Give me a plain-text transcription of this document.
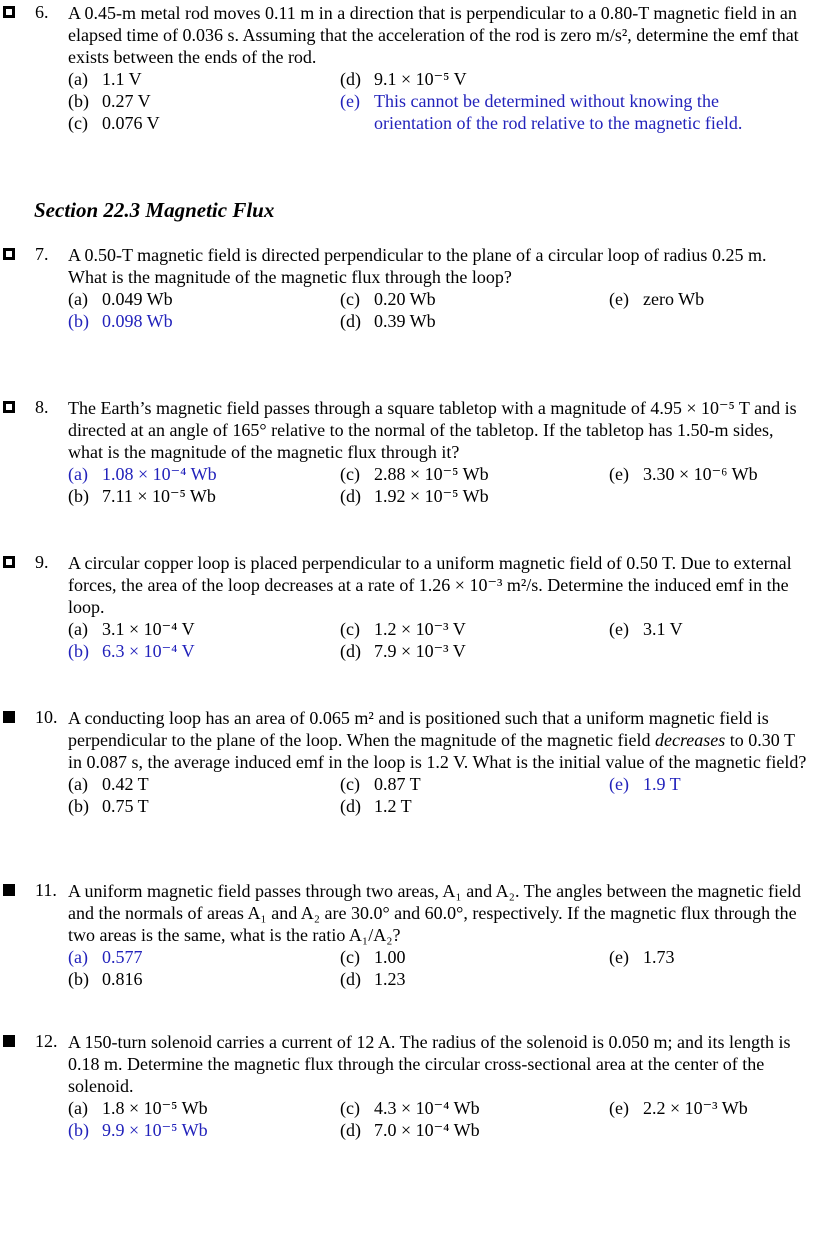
6. A 0.45-m metal rod moves 0.11 m in a direction that is perpendicular to a 0.80-T magnetic field in an elapsed time of 0.036 s. Assuming that the acceleration of the rod is zero m/s², determine the emf that exists between the ends of the rod.
(a) 1.1 V
(b) 0.27 V
(c) 0.076 V
(d) 9.1 × 10⁻⁵ V
(e) This cannot be determined without knowing the
orientation of the rod relative to the magnetic field.
Section 22.3 Magnetic Flux
7. A 0.50-T magnetic field is directed perpendicular to the plane of a circular loop of radius 0.25 m.
What is the magnitude of the magnetic flux through the loop?
(a) 0.049 Wb
(b) 0.098 Wb
(c) 0.20 Wb
(d) 0.39 Wb
(e) zero Wb
8. The Earth’s magnetic field passes through a square tabletop with a magnitude of 4.95 × 10⁻⁵ T and is directed at an angle of 165° relative to the normal of the tabletop. If the tabletop has 1.50-m sides, what is the magnitude of the magnetic flux through it?
(a) 1.08 × 10⁻⁴ Wb
(b) 7.11 × 10⁻⁵ Wb
(c) 2.88 × 10⁻⁵ Wb
(d) 1.92 × 10⁻⁵ Wb
(e) 3.30 × 10⁻⁶ Wb
9. A circular copper loop is placed perpendicular to a uniform magnetic field of 0.50 T. Due to external forces, the area of the loop decreases at a rate of 1.26 × 10⁻³ m²/s. Determine the induced emf in the loop.
(a) 3.1 × 10⁻⁴ V
(b) 6.3 × 10⁻⁴ V
(c) 1.2 × 10⁻³ V
(d) 7.9 × 10⁻³ V
(e) 3.1 V
10. A conducting loop has an area of 0.065 m² and is positioned such that a uniform magnetic field is perpendicular to the plane of the loop. When the magnitude of the magnetic field decreases to 0.30 T in 0.087 s, the average induced emf in the loop is 1.2 V. What is the initial value of the magnetic field?
(a) 0.42 T
(b) 0.75 T
(c) 0.87 T
(d) 1.2 T
(e) 1.9 T
11. A uniform magnetic field passes through two areas, A₁ and A₂. The angles between the magnetic field and the normals of areas A₁ and A₂ are 30.0° and 60.0°, respectively. If the magnetic flux through the two areas is the same, what is the ratio A₁/A₂?
(a) 0.577
(b) 0.816
(c) 1.00
(d) 1.23
(e) 1.73
12. A 150-turn solenoid carries a current of 12 A. The radius of the solenoid is 0.050 m; and its length is 0.18 m. Determine the magnetic flux through the circular cross-sectional area at the center of the solenoid.
(a) 1.8 × 10⁻⁵ Wb
(b) 9.9 × 10⁻⁵ Wb
(c) 4.3 × 10⁻⁴ Wb
(d) 7.0 × 10⁻⁴ Wb
(e) 2.2 × 10⁻³ Wb
